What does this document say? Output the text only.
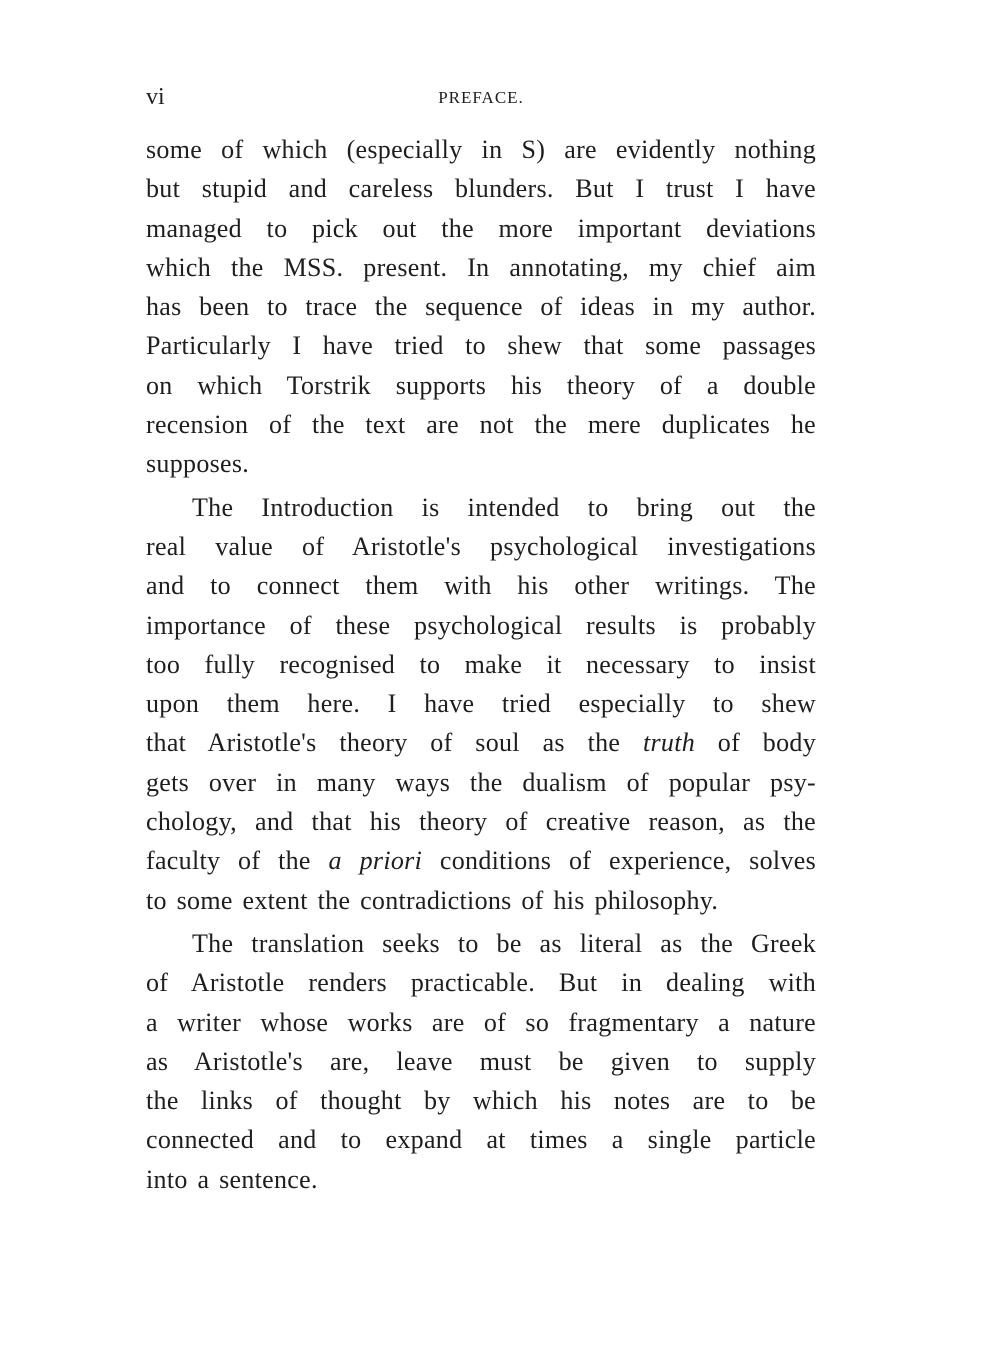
vi	PREFACE.
some of which (especially in S) are evidently nothing
but stupid and careless blunders. But I trust I have
managed to pick out the more important deviations
which the MSS. present. In annotating, my chief aim
has been to trace the sequence of ideas in my author.
Particularly I have tried to shew that some passages
on which Torstrik supports his theory of a double
recension of the text are not the mere duplicates he
supposes.
The Introduction is intended to bring out the
real value of Aristotle's psychological investigations
and to connect them with his other writings. The
importance of these psychological results is probably
too fully recognised to make it necessary to insist
upon them here. I have tried especially to shew
that Aristotle's theory of soul as the truth of body
gets over in many ways the dualism of popular psy-
chology, and that his theory of creative reason, as the
faculty of the a priori conditions of experience, solves
to some extent the contradictions of his philosophy.
The translation seeks to be as literal as the Greek
of Aristotle renders practicable. But in dealing with
a writer whose works are of so fragmentary a nature
as Aristotle's are, leave must be given to supply
the links of thought by which his notes are to be
connected and to expand at times a single particle
into a sentence.
